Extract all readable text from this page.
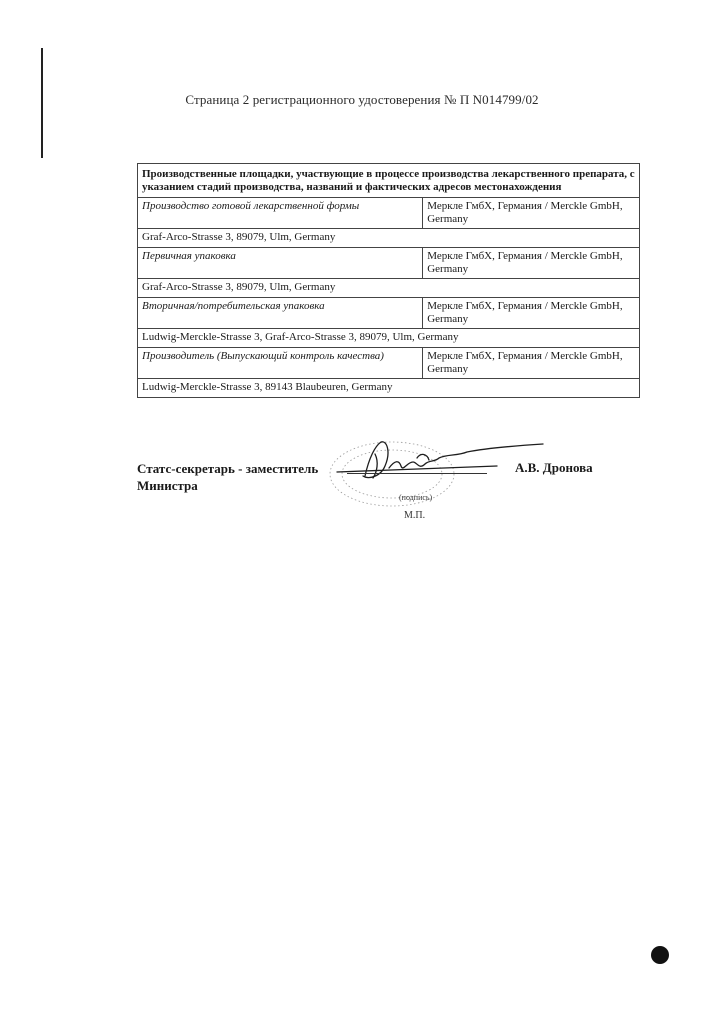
Страница 2 регистрационного удостоверения № П N014799/02
Производственные площадки, участвующие в процессе производства лекарственного препарата, с указанием стадий производства, названий и фактических адресов местонахождения	
Производство готовой лекарственной формы	Меркле ГмбХ, Германия / Merckle GmbH, Germany
Graf-Arco-Strasse 3, 89079, Ulm, Germany	
Первичная упаковка	Меркле ГмбХ, Германия / Merckle GmbH, Germany
Graf-Arco-Strasse 3, 89079, Ulm, Germany	
Вторичная/потребительская упаковка	Меркле ГмбХ, Германия / Merckle GmbH, Germany
Ludwig-Merckle-Strasse 3, Graf-Arco-Strasse 3, 89079, Ulm, Germany	
Производитель (Выпускающий контроль качества)	Меркле ГмбХ, Германия / Merckle GmbH, Germany
Ludwig-Merckle-Strasse 3, 89143 Blaubeuren, Germany	
Статс-секретарь - заместитель Министра
А.В. Дронова
(подпись)
М.П.
